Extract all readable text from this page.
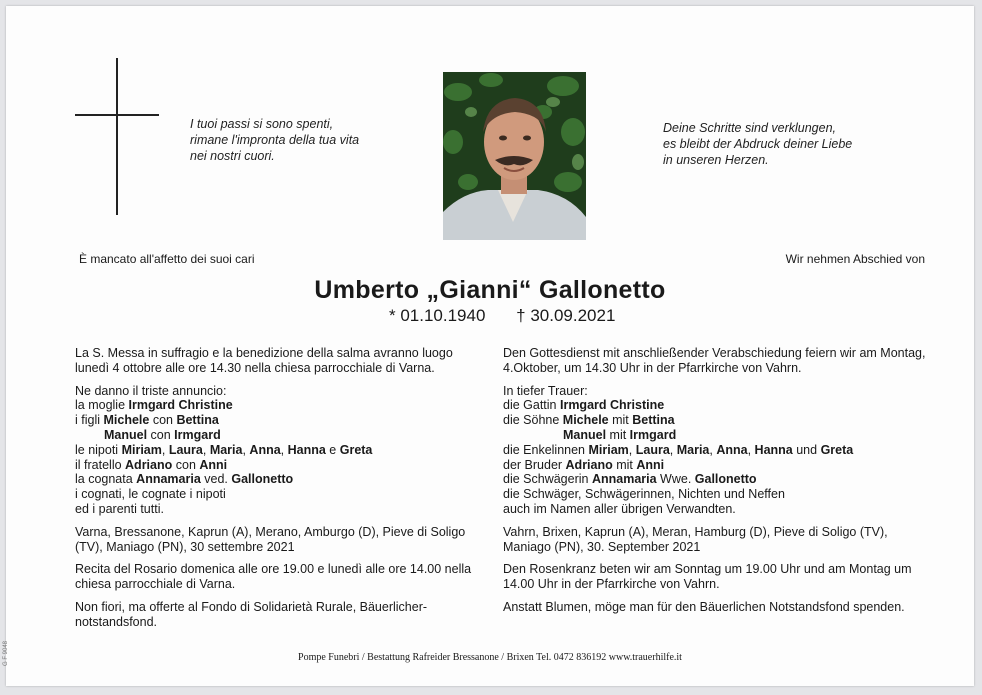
I tuoi passi si sono spenti,
rimane l'impronta della tua vita
nei nostri cuori.
Deine Schritte sind verklungen,
es bleibt der Abdruck deiner Liebe
in unseren Herzen.
È mancato all'affetto dei suoi cari	Wir nehmen Abschied von
Umberto „Gianni“ Gallonetto
* 01.10.1940 † 30.09.2021

La S. Messa in suffragio e la benedizione della salma avranno luogo

lunedì 4 ottobre alle ore 14.30 nella chiesa parrocchiale di Varna.

Ne danno il triste annuncio:

la moglie Irmgard Christine

i figli Michele con Bettina

Manuel con Irmgard

le nipoti Miriam, Laura, Maria, Anna, Hanna e Greta

il fratello Adriano con Anni

la cognata Annamaria ved. Gallonetto

i cognati, le cognate i nipoti

ed i parenti tutti.

Varna, Bressanone, Kaprun (A), Merano, Amburgo (D), Pieve di Soligo

(TV), Maniago (PN), 30 settembre 2021

Recita del Rosario domenica alle ore 19.00 e lunedì alle ore 14.00 nella

chiesa parrocchiale di Varna.

Non fiori, ma offerte al Fondo di Solidarietà Rurale, Bäuerlicher-

notstandsfond.

Den Gottesdienst mit anschließender Verabschiedung feiern wir am Montag,

4.Oktober, um 14.30 Uhr in der Pfarrkirche von Vahrn.

In tiefer Trauer:

die Gattin Irmgard Christine

die Söhne Michele mit Bettina

Manuel mit Irmgard

die Enkelinnen Miriam, Laura, Maria, Anna, Hanna und Greta

der Bruder Adriano mit Anni

die Schwägerin Annamaria Wwe. Gallonetto

die Schwäger, Schwägerinnen, Nichten und Neffen

auch im Namen aller übrigen Verwandten.

Vahrn, Brixen, Kaprun (A), Meran, Hamburg (D), Pieve di Soligo (TV),

Maniago (PN), 30. September 2021

Den Rosenkranz beten wir am Sonntag um 19.00 Uhr und am Montag um

14.00 Uhr in der Pfarrkirche von Vahrn.

Anstatt Blumen, möge man für den Bäuerlichen Notstandsfond spenden.

Pompe Funebri / Bestattung Rafreider Bressanone / Brixen Tel. 0472 836192 www.trauerhilfe.it
G F 9048
